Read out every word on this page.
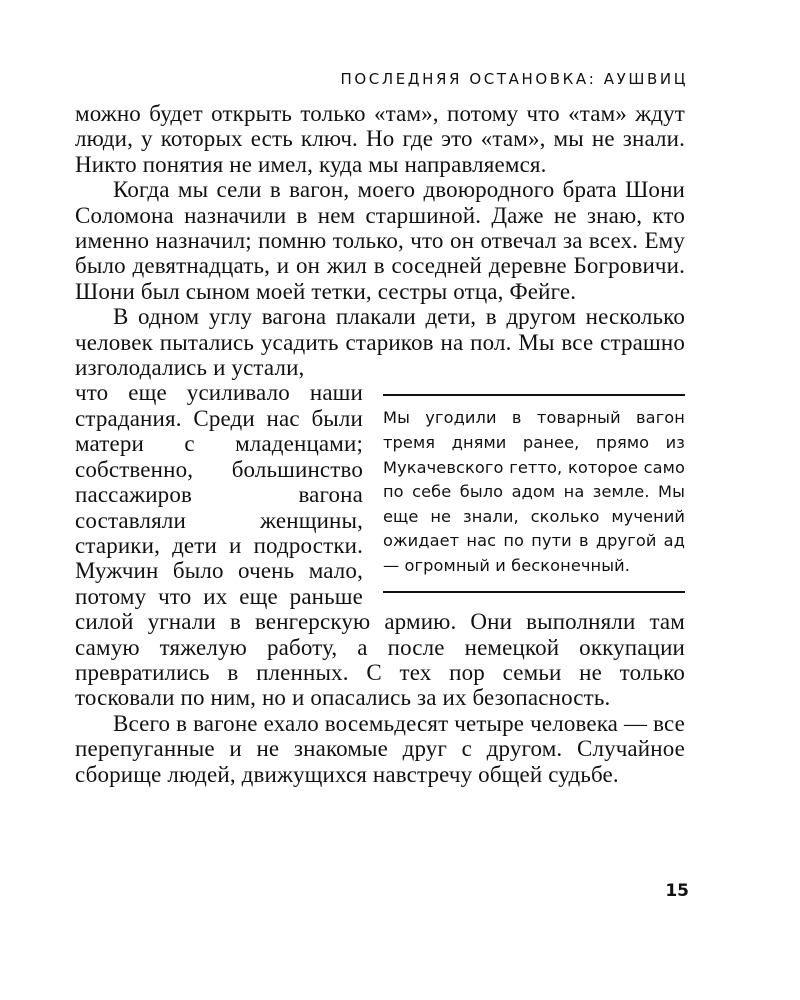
ПОСЛЕДНЯЯ ОСТАНОВКА: АУШВИЦ

можно будет открыть только «там», потому что «там» ждут люди, у которых есть ключ. Но где это «там», мы не знали. Никто понятия не имел, куда мы направляемся.

Когда мы сели в вагон, моего двоюродного брата Шони Соломона назначили в нем старшиной. Даже не знаю, кто именно назначил; помню только, что он отвечал за всех. Ему было девятнадцать, и он жил в соседней деревне Богровичи. Шони был сыном моей тетки, сестры отца, Фейге.

В одном углу вагона плакали дети, в другом несколько человек пытались усадить стариков на пол. Мы все страшно изголодались и устали,

Мы угодили в товарный вагон тремя днями ранее, прямо из Мукачевского гетто, которое само по себе было адом на земле. Мы еще не знали, сколько мучений ожидает нас по пути в другой ад — огромный и бесконечный.

что еще усиливало наши страдания. Среди нас были матери с младенцами; собственно, большинство пассажиров вагона составляли женщины, старики, дети и подростки. Мужчин было очень мало, потому что их еще раньше силой угнали в венгерскую армию. Они выполняли там самую тяжелую работу, а после немецкой оккупации превратились в пленных. С тех пор семьи не только тосковали по ним, но и опасались за их безопасность.

Всего в вагоне ехало восемьдесят четыре человека — все перепуганные и не знакомые друг с другом. Случайное сборище людей, движущихся навстречу общей судьбе.

15
